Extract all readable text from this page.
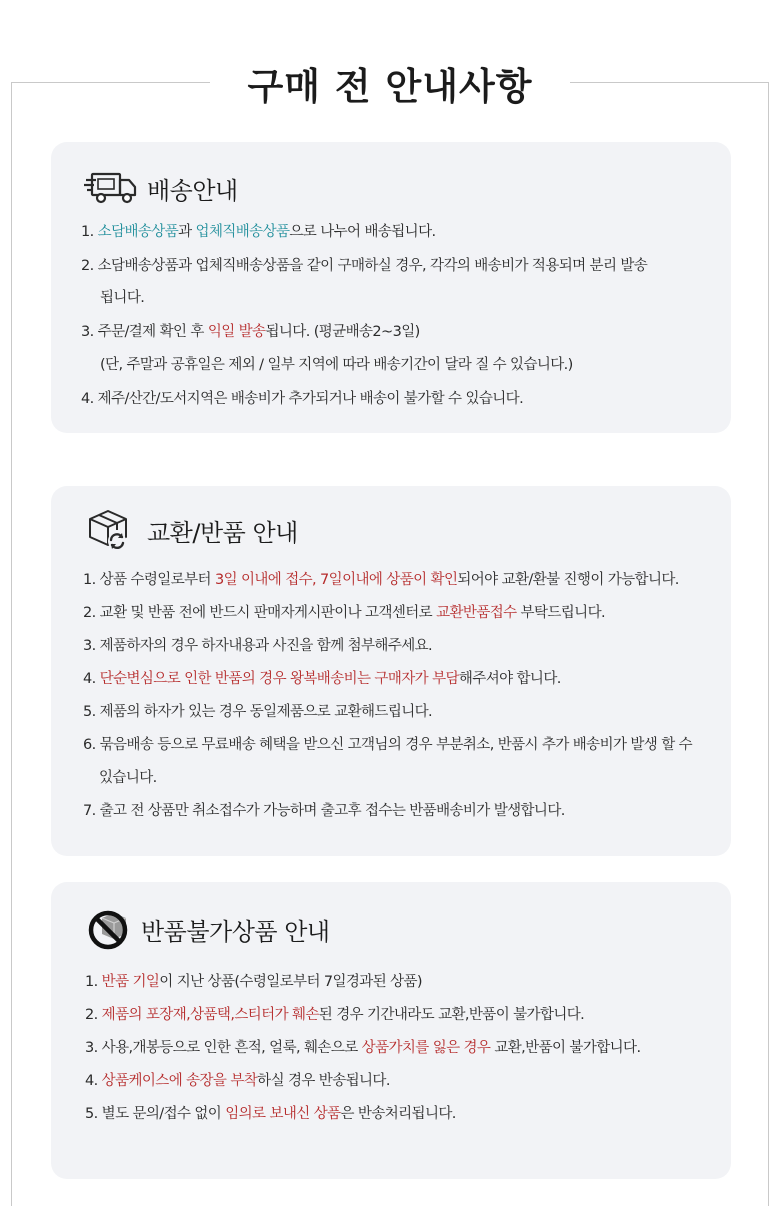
구매 전 안내사항
배송안내
1. 소담배송상품과 업체직배송상품으로 나누어 배송됩니다.
2. 소담배송상품과 업체직배송상품을 같이 구매하실 경우, 각각의 배송비가 적용되며 분리 발송
됩니다.
3. 주문/결제 확인 후 익일 발송됩니다. (평균배송2~3일)
(단, 주말과 공휴일은 제외 / 일부 지역에 따라 배송기간이 달라 질 수 있습니다.)
4. 제주/산간/도서지역은 배송비가 추가되거나 배송이 불가할 수 있습니다.
교환/반품 안내
1. 상품 수령일로부터 3일 이내에 접수, 7일이내에 상품이 확인되어야 교환/환불 진행이 가능합니다.
2. 교환 및 반품 전에 반드시 판매자게시판이나 고객센터로 교환반품접수 부탁드립니다.
3. 제품하자의 경우 하자내용과 사진을 함께 첨부해주세요.
4. 단순변심으로 인한 반품의 경우 왕복배송비는 구매자가 부담해주셔야 합니다.
5. 제품의 하자가 있는 경우 동일제품으로 교환해드립니다.
6. 묶음배송 등으로 무료배송 혜택을 받으신 고객님의 경우 부분취소, 반품시 추가 배송비가 발생 할 수
있습니다.
7. 출고 전 상품만 취소접수가 가능하며 출고후 접수는 반품배송비가 발생합니다.
반품불가상품 안내
1. 반품 기일이 지난 상품(수령일로부터 7일경과된 상품)
2. 제품의 포장재,상품택,스티터가 훼손된 경우 기간내라도 교환,반품이 불가합니다.
3. 사용,개봉등으로 인한 흔적, 얼룩, 훼손으로 상품가치를 잃은 경우 교환,반품이 불가합니다.
4. 상품케이스에 송장을 부착하실 경우 반송됩니다.
5. 별도 문의/접수 없이 임의로 보내신 상품은 반송처리됩니다.
